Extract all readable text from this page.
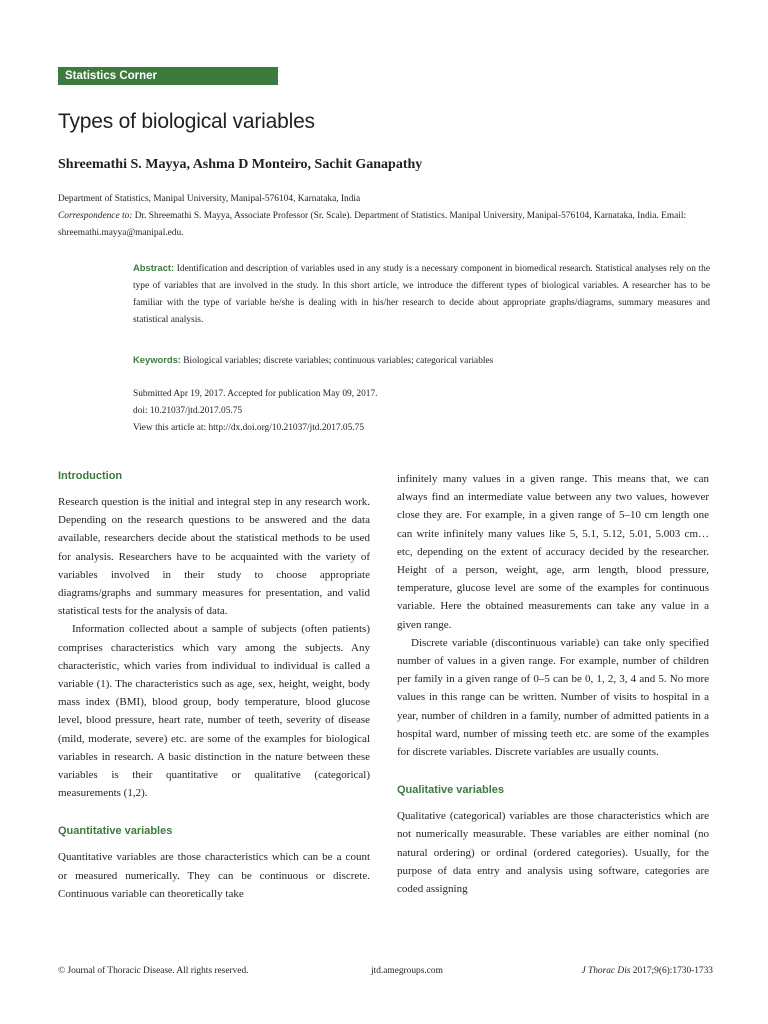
Statistics Corner
Types of biological variables
Shreemathi S. Mayya, Ashma D Monteiro, Sachit Ganapathy
Department of Statistics, Manipal University, Manipal-576104, Karnataka, India
Correspondence to: Dr. Shreemathi S. Mayya, Associate Professor (Sr. Scale). Department of Statistics. Manipal University, Manipal-576104, Karnataka, India. Email: shreemathi.mayya@manipal.edu.
Abstract: Identification and description of variables used in any study is a necessary component in biomedical research. Statistical analyses rely on the type of variables that are involved in the study. In this short article, we introduce the different types of biological variables. A researcher has to be familiar with the type of variable he/she is dealing with in his/her research to decide about appropriate graphs/diagrams, summary measures and statistical analysis.
Keywords: Biological variables; discrete variables; continuous variables; categorical variables
Submitted Apr 19, 2017. Accepted for publication May 09, 2017.
doi: 10.21037/jtd.2017.05.75
View this article at: http://dx.doi.org/10.21037/jtd.2017.05.75
Introduction

Research question is the initial and integral step in any research work. Depending on the research questions to be answered and the data available, researchers decide about the statistical methods to be used for analysis. Researchers have to be acquainted with the variety of variables involved in their study to choose appropriate diagrams/graphs and summary measures for presentation, and valid statistical tests for the analysis of data.

Information collected about a sample of subjects (often patients) comprises characteristics which vary among the subjects. Any characteristic, which varies from individual to individual is called a variable (1). The characteristics such as age, sex, height, weight, body mass index (BMI), blood group, body temperature, blood glucose level, blood pressure, heart rate, number of teeth, severity of disease (mild, moderate, severe) etc. are some of the examples for biological variables in research. A basic distinction in the nature between these variables is their quantitative or qualitative (categorical) measurements (1,2).

Quantitative variables

Quantitative variables are those characteristics which can be a count or measured numerically. They can be continuous or discrete. Continuous variable can theoretically take

infinitely many values in a given range. This means that, we can always find an intermediate value between any two values, however close they are. For example, in a given range of 5–10 cm length one can write infinitely many values like 5, 5.1, 5.12, 5.01, 5.003 cm… etc, depending on the extent of accuracy decided by the researcher. Height of a person, weight, age, arm length, blood pressure, temperature, glucose level are some of the examples for continuous variable. Here the obtained measurements can take any value in a given range.

Discrete variable (discontinuous variable) can take only specified number of values in a given range. For example, number of children per family in a given range of 0–5 can be 0, 1, 2, 3, 4 and 5. No more values in this range can be written. Number of visits to hospital in a year, number of children in a family, number of admitted patients in a hospital ward, number of missing teeth etc. are some of the examples for discrete variables. Discrete variables are usually counts.

Qualitative variables

Qualitative (categorical) variables are those characteristics which are not numerically measurable. These variables are either nominal (no natural ordering) or ordinal (ordered categories). Usually, for the purpose of data entry and analysis using software, categories are coded assigning

© Journal of Thoracic Disease. All rights reserved.	jtd.amegroups.com	J Thorac Dis 2017;9(6):1730-1733
